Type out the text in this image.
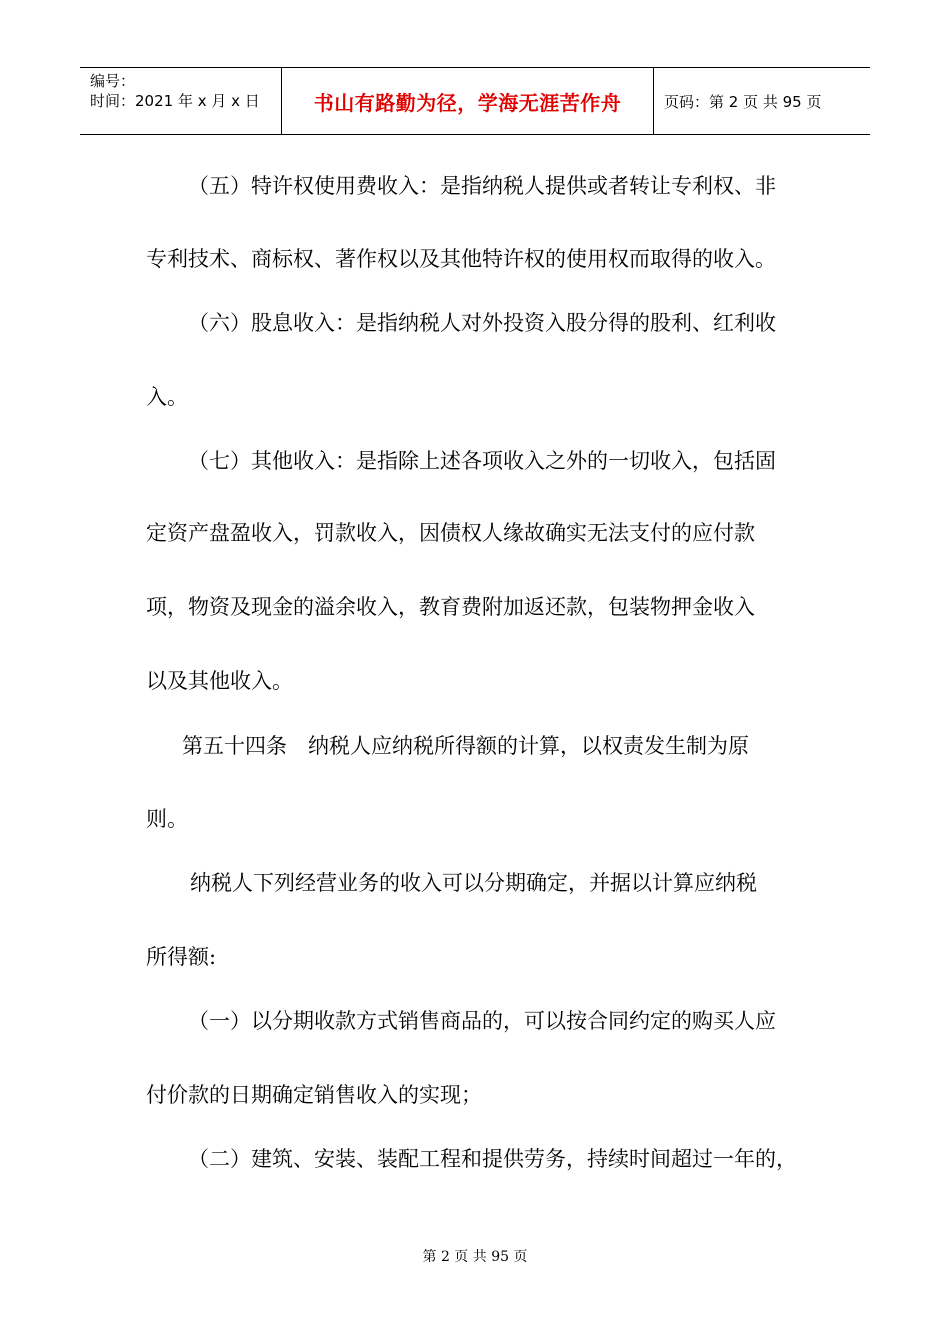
编号：
时间：2021 年 x 月 x 日	书山有路勤为径，学海无涯苦作舟	页码：第 2 页 共 95 页
（五）特许权使用费收入：是指纳税人提供或者转让专利权、非
专利技术、商标权、著作权以及其他特许权的使用权而取得的收入。
（六）股息收入：是指纳税人对外投资入股分得的股利、红利收
入。
（七）其他收入：是指除上述各项收入之外的一切收入，包括固
定资产盘盈收入，罚款收入，因债权人缘故确实无法支付的应付款
项，物资及现金的溢余收入，教育费附加返还款，包装物押金收入
以及其他收入。
第五十四条　纳税人应纳税所得额的计算，以权责发生制为原
则。
纳税人下列经营业务的收入可以分期确定，并据以计算应纳税
所得额:
（一）以分期收款方式销售商品的，可以按合同约定的购买人应
付价款的日期确定销售收入的实现；
（二）建筑、安装、装配工程和提供劳务，持续时间超过一年的，
第 2 页 共 95 页
